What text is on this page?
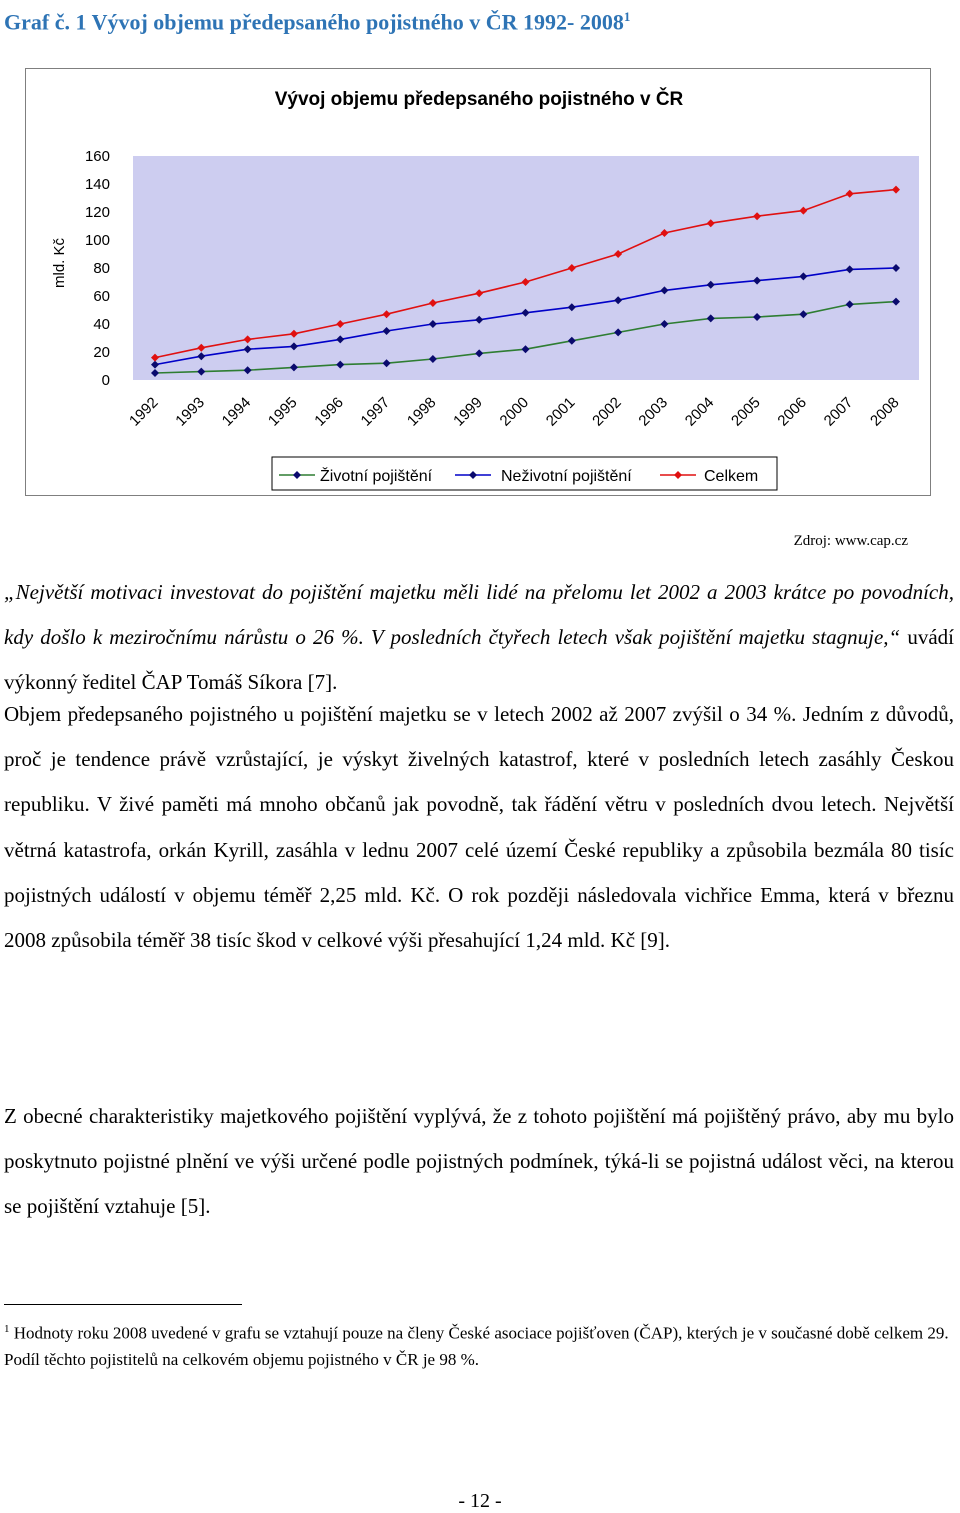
Graf č. 1 Vývoj objemu předepsaného pojistného v ČR 1992- 2008$^1$
Vývoj objemu předepsaného pojistného v ČR
mld. Kč
0
20
40
60
80
100
120
140
160
1992 1993 1994 1995 1996 1997 1998 1999 2000 2001 2002 2003 2004 2005 2006 2007 2008
Životní pojištění	Neživotní pojištění	Celkem
Zdroj: www.cap.cz
„Největší motivaci investovat do pojištění majetku měli lidé na přelomu let 2002 a 2003 krátce po povodních, kdy došlo k meziročnímu nárůstu o 26 %. V posledních čtyřech letech však pojištění majetku stagnuje,“ uvádí výkonný ředitel ČAP Tomáš Síkora [7].
Objem předepsaného pojistného u pojištění majetku se v letech 2002 až 2007 zvýšil o 34 %. Jedním z důvodů, proč je tendence právě vzrůstající, je výskyt živelných katastrof, které v posledních letech zasáhly Českou republiku. V živé paměti má mnoho občanů jak povodně, tak řádění větru v posledních dvou letech. Největší větrná katastrofa, orkán Kyrill, zasáhla v lednu 2007 celé území České republiky a způsobila bezmála 80 tisíc pojistných událostí v objemu téměř 2,25 mld. Kč. O rok později následovala vichřice Emma, která v březnu 2008 způsobila téměř 38 tisíc škod v celkové výši přesahující 1,24 mld. Kč [9].
Z obecné charakteristiky majetkového pojištění vyplývá, že z tohoto pojištění má pojištěný právo, aby mu bylo poskytnuto pojistné plnění ve výši určené podle pojistných podmínek, týká-li se pojistná událost věci, na kterou se pojištění vztahuje [5].
$^1$ Hodnoty roku 2008 uvedené v grafu se vztahují pouze na členy České asociace pojišťoven (ČAP), kterých je v současné době celkem 29. Podíl těchto pojistitelů na celkovém objemu pojistného v ČR je 98 %.
- 12 -
